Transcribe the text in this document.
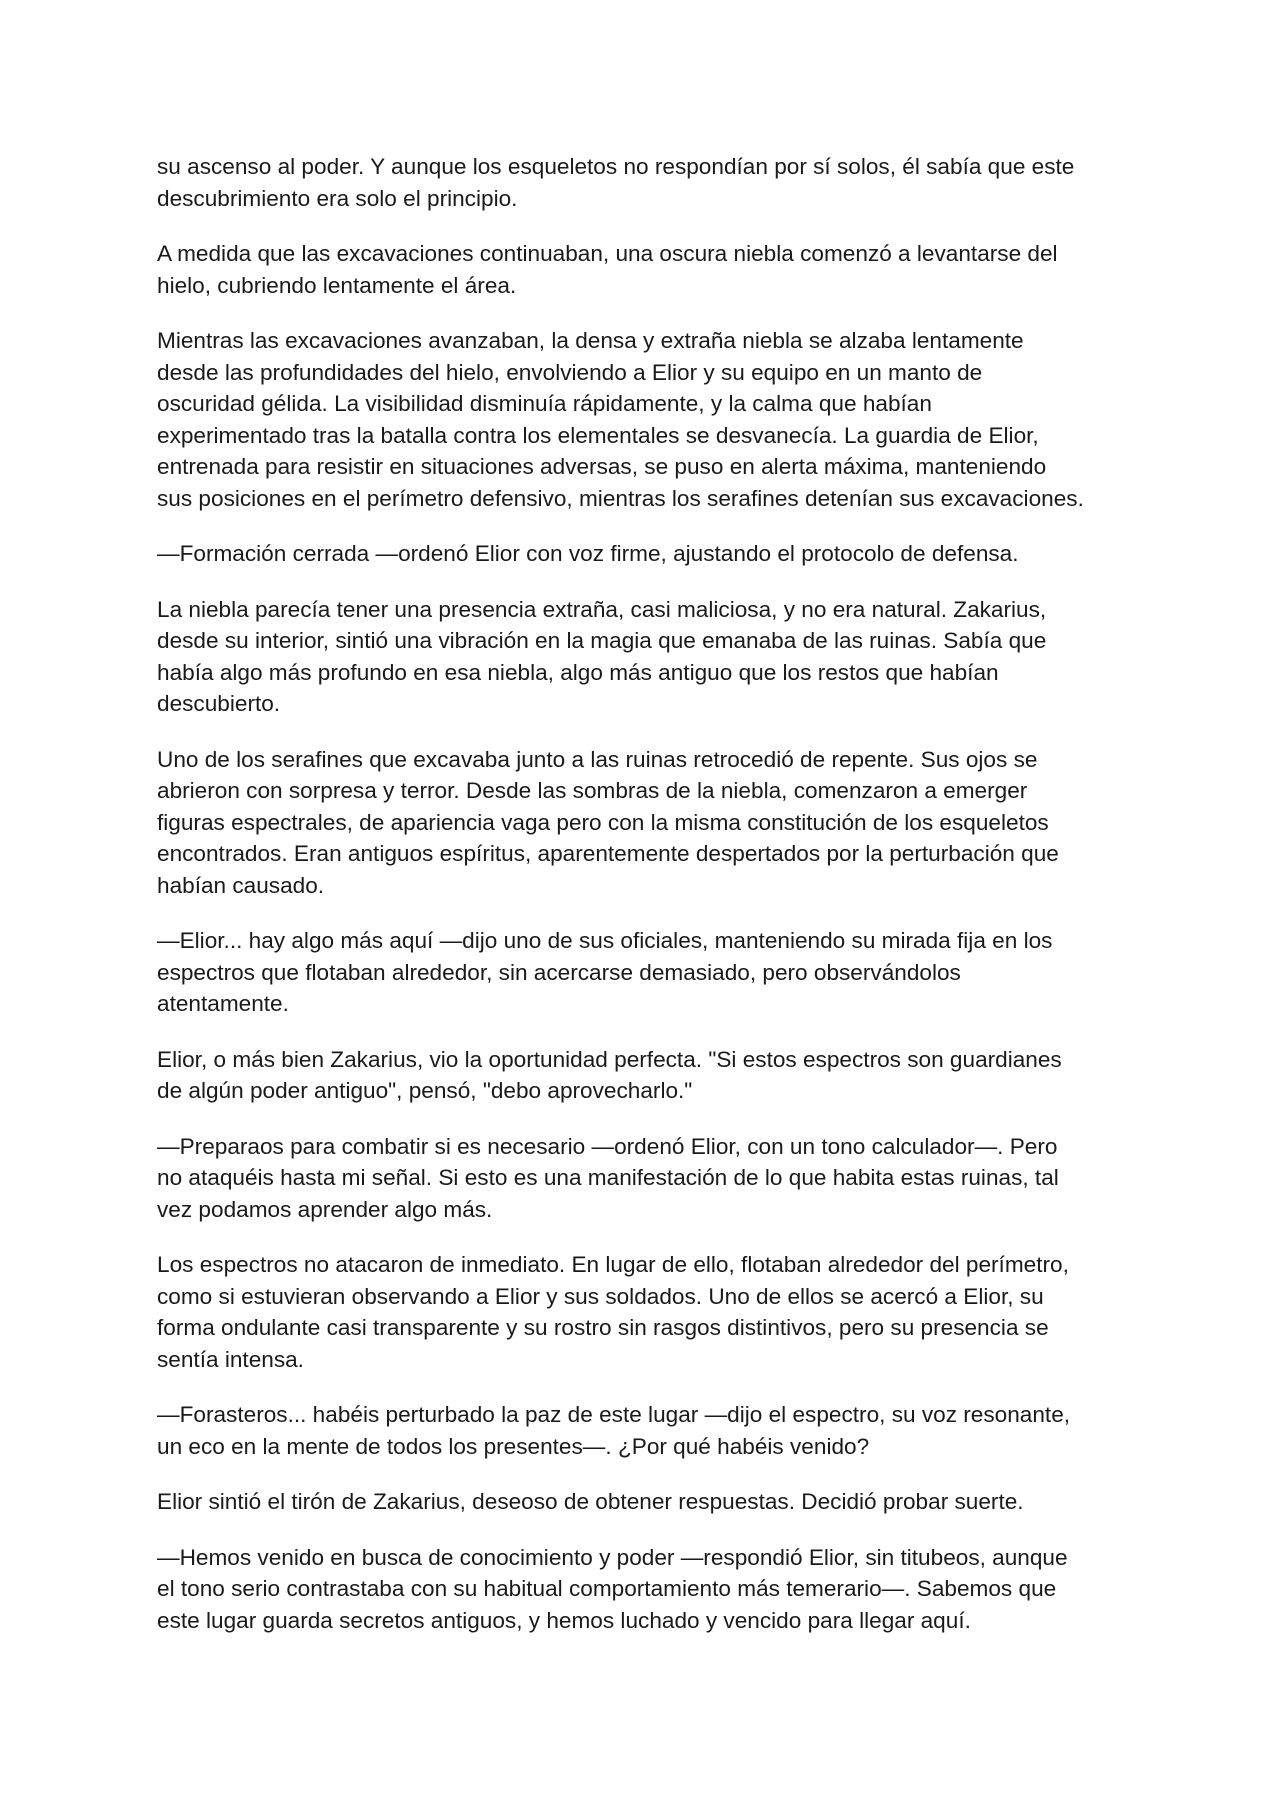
su ascenso al poder. Y aunque los esqueletos no respondían por sí solos, él sabía que este
descubrimiento era solo el principio.

A medida que las excavaciones continuaban, una oscura niebla comenzó a levantarse del
hielo, cubriendo lentamente el área.

Mientras las excavaciones avanzaban, la densa y extraña niebla se alzaba lentamente
desde las profundidades del hielo, envolviendo a Elior y su equipo en un manto de
oscuridad gélida. La visibilidad disminuía rápidamente, y la calma que habían
experimentado tras la batalla contra los elementales se desvanecía. La guardia de Elior,
entrenada para resistir en situaciones adversas, se puso en alerta máxima, manteniendo
sus posiciones en el perímetro defensivo, mientras los serafines detenían sus excavaciones.

—Formación cerrada —ordenó Elior con voz firme, ajustando el protocolo de defensa.

La niebla parecía tener una presencia extraña, casi maliciosa, y no era natural. Zakarius,
desde su interior, sintió una vibración en la magia que emanaba de las ruinas. Sabía que
había algo más profundo en esa niebla, algo más antiguo que los restos que habían
descubierto.

Uno de los serafines que excavaba junto a las ruinas retrocedió de repente. Sus ojos se
abrieron con sorpresa y terror. Desde las sombras de la niebla, comenzaron a emerger
figuras espectrales, de apariencia vaga pero con la misma constitución de los esqueletos
encontrados. Eran antiguos espíritus, aparentemente despertados por la perturbación que
habían causado.

—Elior... hay algo más aquí —dijo uno de sus oficiales, manteniendo su mirada fija en los
espectros que flotaban alrededor, sin acercarse demasiado, pero observándolos
atentamente.

Elior, o más bien Zakarius, vio la oportunidad perfecta. "Si estos espectros son guardianes
de algún poder antiguo", pensó, "debo aprovecharlo."

—Preparaos para combatir si es necesario —ordenó Elior, con un tono calculador—. Pero
no ataquéis hasta mi señal. Si esto es una manifestación de lo que habita estas ruinas, tal
vez podamos aprender algo más.

Los espectros no atacaron de inmediato. En lugar de ello, flotaban alrededor del perímetro,
como si estuvieran observando a Elior y sus soldados. Uno de ellos se acercó a Elior, su
forma ondulante casi transparente y su rostro sin rasgos distintivos, pero su presencia se
sentía intensa.

—Forasteros... habéis perturbado la paz de este lugar —dijo el espectro, su voz resonante,
un eco en la mente de todos los presentes—. ¿Por qué habéis venido?

Elior sintió el tirón de Zakarius, deseoso de obtener respuestas. Decidió probar suerte.

—Hemos venido en busca de conocimiento y poder —respondió Elior, sin titubeos, aunque
el tono serio contrastaba con su habitual comportamiento más temerario—. Sabemos que
este lugar guarda secretos antiguos, y hemos luchado y vencido para llegar aquí.
